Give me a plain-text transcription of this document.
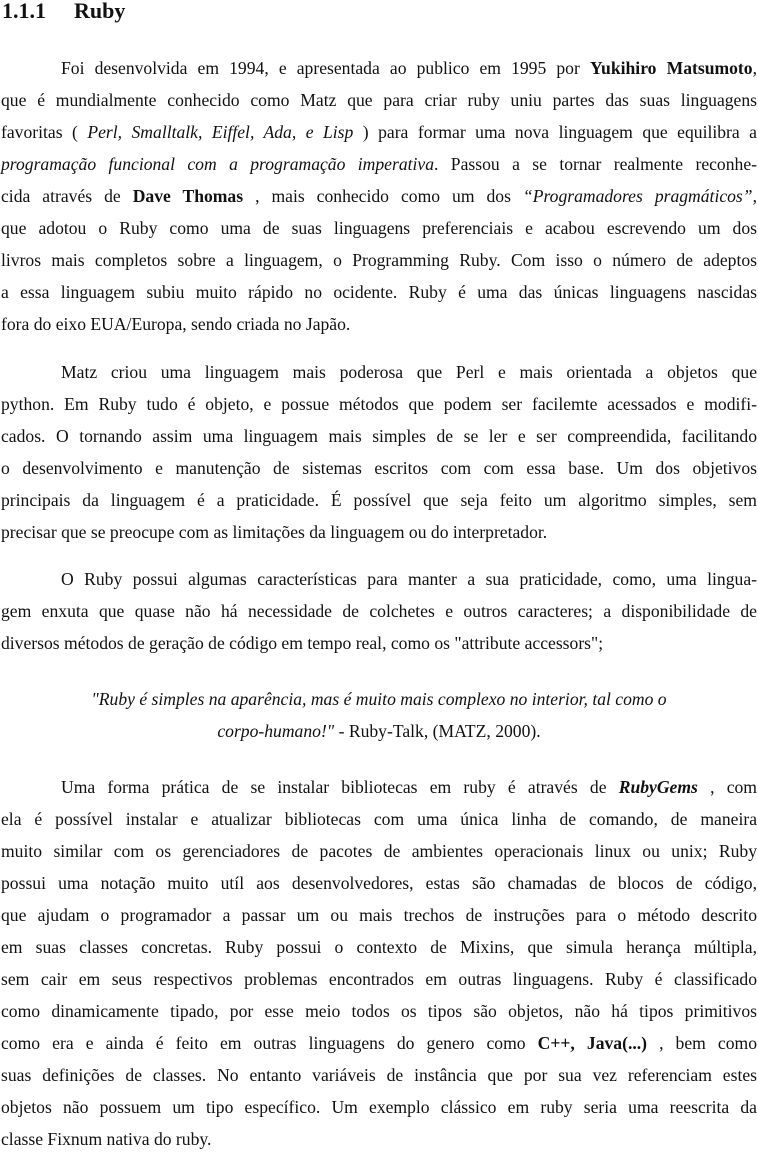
1.1.1 Ruby
Foi desenvolvida em 1994, e apresentada ao publico em 1995 por Yukihiro Matsumoto,
que é mundialmente conhecido como Matz que para criar ruby uniu partes das suas linguagens
favoritas ( Perl, Smalltalk, Eiffel, Ada, e Lisp ) para formar uma nova linguagem que equilibra a
programação funcional com a programação imperativa. Passou a se tornar realmente reconhe-
cida através de Dave Thomas , mais conhecido como um dos “Programadores pragmáticos”,
que adotou o Ruby como uma de suas linguagens preferenciais e acabou escrevendo um dos
livros mais completos sobre a linguagem, o Programming Ruby. Com isso o número de adeptos
a essa linguagem subiu muito rápido no ocidente. Ruby é uma das únicas linguagens nascidas
fora do eixo EUA/Europa, sendo criada no Japão.
Matz criou uma linguagem mais poderosa que Perl e mais orientada a objetos que
python. Em Ruby tudo é objeto, e possue métodos que podem ser facilemte acessados e modifi-
cados. O tornando assim uma linguagem mais simples de se ler e ser compreendida, facilitando
o desenvolvimento e manutenção de sistemas escritos com com essa base. Um dos objetivos
principais da linguagem é a praticidade. É possível que seja feito um algoritmo simples, sem
precisar que se preocupe com as limitações da linguagem ou do interpretador.
O Ruby possui algumas características para manter a sua praticidade, como, uma lingua-
gem enxuta que quase não há necessidade de colchetes e outros caracteres; a disponibilidade de
diversos métodos de geração de código em tempo real, como os "attribute accessors";
"Ruby é simples na aparência, mas é muito mais complexo no interior, tal como o
corpo-humano!" - Ruby-Talk, (MATZ, 2000).
Uma forma prática de se instalar bibliotecas em ruby é através de RubyGems , com
ela é possível instalar e atualizar bibliotecas com uma única linha de comando, de maneira
muito similar com os gerenciadores de pacotes de ambientes operacionais linux ou unix; Ruby
possui uma notação muito utíl aos desenvolvedores, estas são chamadas de blocos de código,
que ajudam o programador a passar um ou mais trechos de instruções para o método descrito
em suas classes concretas. Ruby possui o contexto de Mixins, que simula herança múltipla,
sem cair em seus respectivos problemas encontrados em outras linguagens. Ruby é classificado
como dinamicamente tipado, por esse meio todos os tipos são objetos, não há tipos primitivos
como era e ainda é feito em outras linguagens do genero como C++, Java(...) , bem como
suas definições de classes. No entanto variáveis de instância que por sua vez referenciam estes
objetos não possuem um tipo específico. Um exemplo clássico em ruby seria uma reescrita da
classe Fixnum nativa do ruby.
